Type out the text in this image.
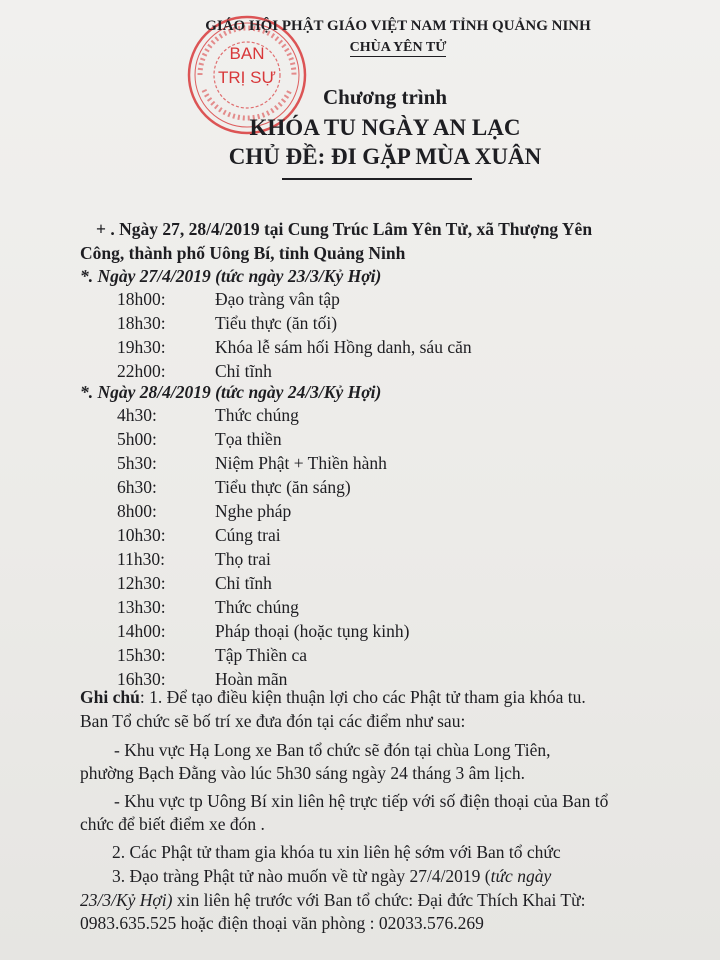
BAN
TRỊ SỰ
GIÁO HỘI PHẬT GIÁO VIỆT NAM TỈNH QUẢNG NINH
CHÙA YÊN TỬ
Chương trình
KHÓA TU NGÀY AN LẠC
CHỦ ĐỀ: ĐI GẶP MÙA XUÂN
+ . Ngày 27, 28/4/2019 tại Cung Trúc Lâm Yên Tử, xã Thượng Yên
Công, thành phố Uông Bí, tỉnh Quảng Ninh
*. Ngày 27/4/2019 (tức ngày 23/3/Kỷ Hợi)
18h00:	Đạo tràng vân tập
18h30:	Tiểu thực (ăn tối)
19h30:	Khóa lễ sám hối Hồng danh, sáu căn
22h00:	Chỉ tĩnh
*. Ngày 28/4/2019 (tức ngày 24/3/Kỷ Hợi)
4h30:	Thức chúng
5h00:	Tọa thiền
5h30:	Niệm Phật + Thiền hành
6h30:	Tiểu thực (ăn sáng)
8h00:	Nghe pháp
10h30:	Cúng trai
11h30:	Thọ trai
12h30:	Chỉ tĩnh
13h30:	Thức chúng
14h00:	Pháp thoại (hoặc tụng kinh)
15h30:	Tập Thiền ca
16h30:	Hoàn mãn
Ghi chú: 1. Để tạo điều kiện thuận lợi cho các Phật tử tham gia khóa tu.
Ban Tổ chức sẽ bố trí xe đưa đón tại các điểm như sau:
- Khu vực Hạ Long xe Ban tổ chức sẽ đón tại chùa Long Tiên,
phường Bạch Đằng vào lúc 5h30 sáng ngày 24 tháng 3 âm lịch.
- Khu vực tp Uông Bí xin liên hệ trực tiếp với số điện thoại của Ban tổ
chức để biết điểm xe đón .
2. Các Phật tử tham gia khóa tu xin liên hệ sớm với Ban tổ chức
3. Đạo tràng Phật tử nào muốn về từ ngày 27/4/2019 (tức ngày
23/3/Kỷ Hợi) xin liên hệ trước với Ban tổ chức: Đại đức Thích Khai Từ:
0983.635.525 hoặc điện thoại văn phòng : 02033.576.269
